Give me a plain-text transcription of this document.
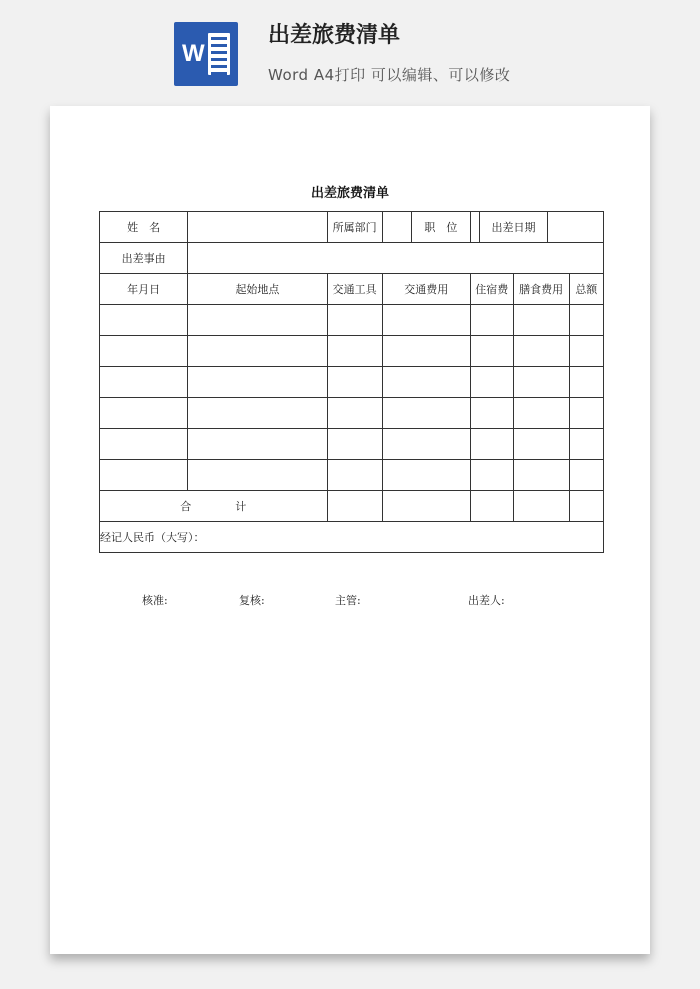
W
出差旅费清单
Word A4打印 可以编辑、可以修改
出差旅费清单
姓　名		所属部门		职　位		出差日期			
出差事由									
年月日	起始地点	交通工具	交通费用		住宿费		膳食费用		总额

合　　　　计									
经记人民币（大写）：									
核准:	复核:	主管:	出差人:
